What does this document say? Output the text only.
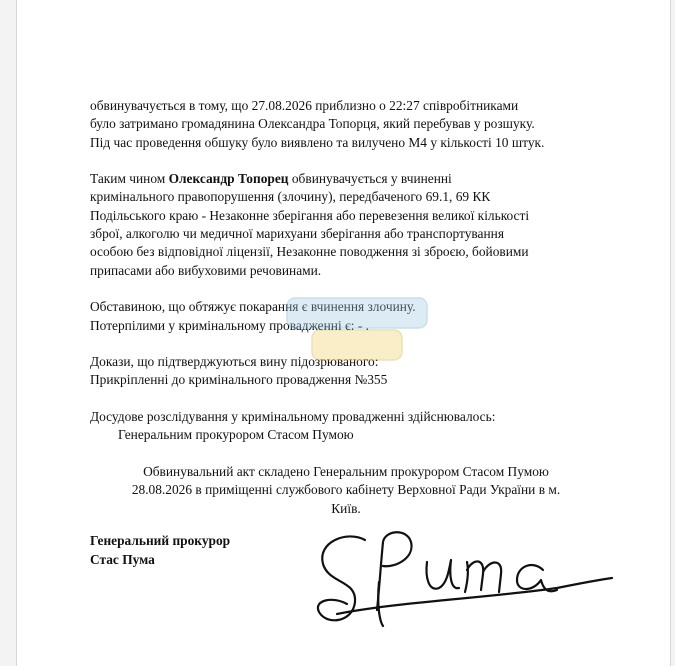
обвинувачується в тому, що 27.08.2026 приблизно о 22:27 співробітниками

було затримано громадянина Олександра Топорця, який перебував у розшуку.

Під час проведення обшуку було виявлено та вилучено М4 у кількості 10 штук.

Таким чином Олександр Топорец обвинувачується у вчиненні

кримінального правопорушення (злочину), передбаченого 69.1, 69 КК

Подільського краю - Незаконне зберігання або перевезення великої кількості

зброї, алкоголю чи медичної марихуани зберігання або транспортування

особою без відповідної ліцензії, Незаконне поводження зі зброєю, бойовими

припасами або вибуховими речовинами.

Обставиною, що обтяжує покарання є вчинення злочину.

Потерпілими у кримінальному провадженні є: - .

Докази, що підтверджуються вину підозрюваного:

Прикріпленні до кримінального провадження №355

Досудове розслідування у кримінальному провадженні здійснювалось:

Генеральним прокурором Стасом Пумою

Обвинувальний акт складено Генеральним прокурором Стасом Пумою

28.08.2026 в приміщенні службового кабінету Верховної Ради України в м.

Київ.

Генеральний прокурор
Стас Пума
